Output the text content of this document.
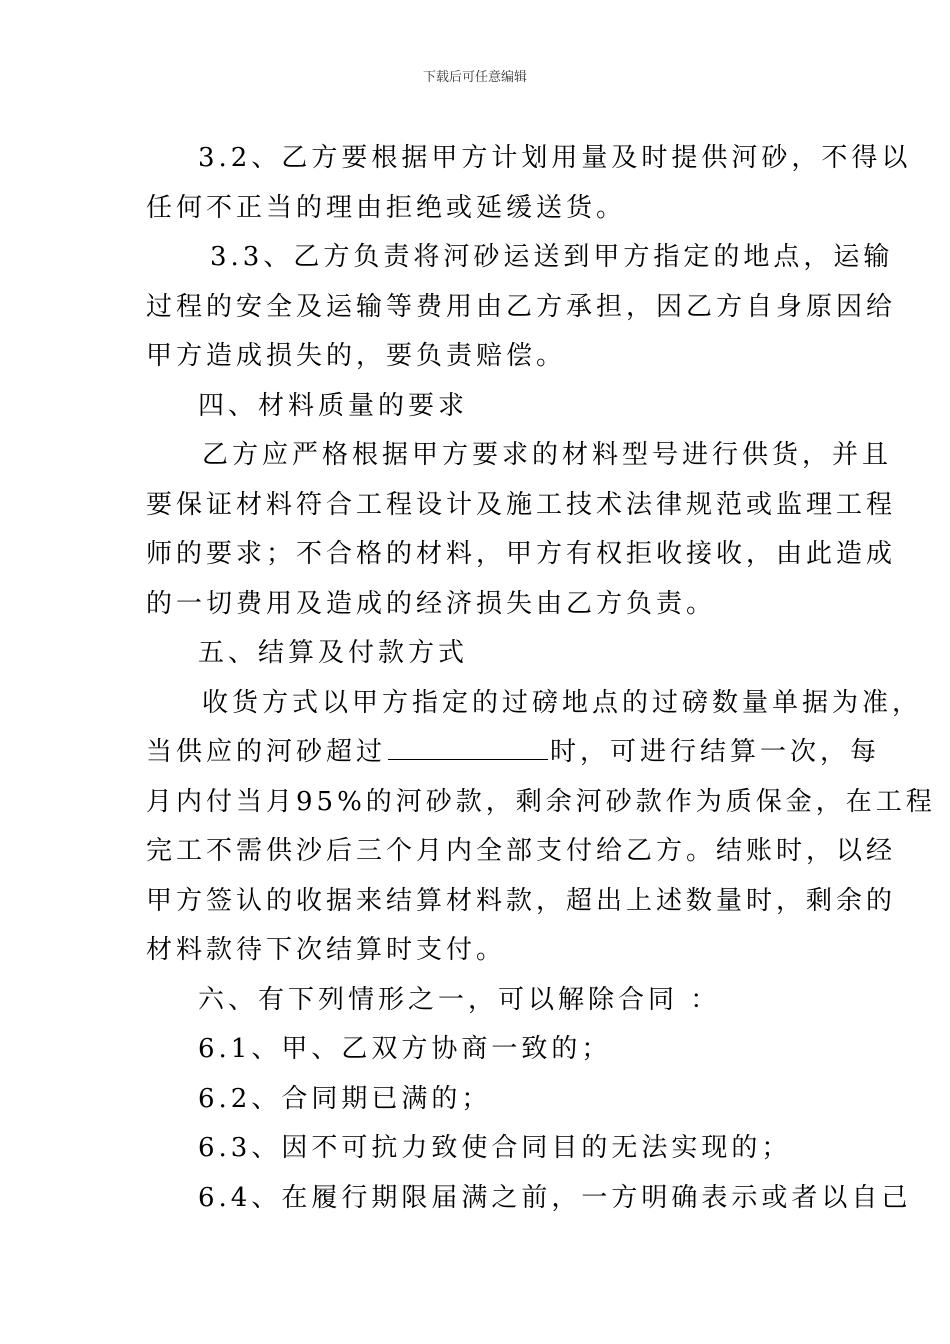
下载后可任意编辑

3.2、乙方要根据甲方计划用量及时提供河砂，不得以

任何不正当的理由拒绝或延缓送货。

3.3、乙方负责将河砂运送到甲方指定的地点，运输

过程的安全及运输等费用由乙方承担，因乙方自身原因给

甲方造成损失的，要负责赔偿。

四、材料质量的要求

乙方应严格根据甲方要求的材料型号进行供货，并且

要保证材料符合工程设计及施工技术法律规范或监理工程

师的要求；不合格的材料，甲方有权拒收接收，由此造成

的一切费用及造成的经济损失由乙方负责。

五、结算及付款方式

收货方式以甲方指定的过磅地点的过磅数量单据为准，

当供应的河砂超过	时，可进行结算一次，每

月内付当月95%的河砂款，剩余河砂款作为质保金，在工程

完工不需供沙后三个月内全部支付给乙方。结账时，以经

甲方签认的收据来结算材料款，超出上述数量时，剩余的

材料款待下次结算时支付。

六、有下列情形之一，可以解除合同 ：

6.1、甲、乙双方协商一致的；

6.2、合同期已满的；

6.3、因不可抗力致使合同目的无法实现的；

6.4、在履行期限届满之前，一方明确表示或者以自己
